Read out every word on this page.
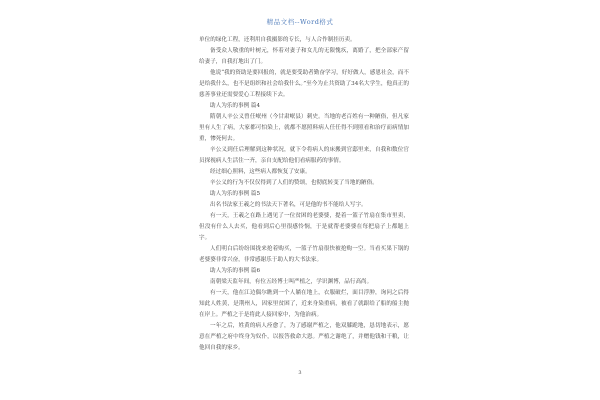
精品文档--Word格式

单位的绿化工程，还利用自我摄影的专长，与人合作制挂历卖。

备受众人敬重的叶树元，怀着对妻子和女儿的无限愧疚，离婚了，把全部家产留给妻子，自我打地出了门。

他说“我的资助是要回报的，就是要受助者勤奋学习，好好做人，感恩社会，而不是给我什么，也不是组织和社会给我什么。”至今为止共资助了34名大学生，他真正的慈善事业还需要爱心工程接续下去。

助人为乐的事例 篇4

隋朝人辛公义曾任岷州（今甘肃岷县）刺史。当地的老百姓有一种陋俗，但凡家里有人生了病，大家都可怕染上，就都不愿照料病人任任得不到照看和治疗而病情加重，惨死何去。

辛公义到任后理解到这种状况，就下令将病人的床搬到官邸里来，自我和数位官员探视病人生活住一齐，亲自支配给他们看病服药的事情。

经过细心照料，这些病人都恢复了安康。

辛公义的行为不仅仅得到了人们的赞颂，也彻底转变了当地的陋俗。

助人为乐的事例 篇5

出名书法家王羲之的书法天下著名，可是他的书不能给人写字。

有一天，王羲之在路上遇见了一位贫困的老婆婆，提着一篮子竹扇在集市里卖，但没有什么人去买，他看到后心里很感怜悯，于是就帮老婆婆在每把扇子上都题上字。

人们明白后纷纷围拢来抢着购买，一篮子竹扇很快被抢购一空。当看买果下锅的老婆婆非常兴奋，非常感谢乐于助人的大书法家。

助人为乐的事例 篇6

南朝梁天监年间，有位五经博士叫严植之，学识渊博，品行高尚。

有一天，他在江边偶尔瞧到一个人躺在地上，衣服破烂，面目浮肿，询问之后得知此人姓黄，是荆州人，因家里贫困了，近来身染重病，被看了就跟给了船的船主抛在岸上。严植之于是将此人接回家中，为他治病。

一年之后，姓黄的病人痊愈了，为了感谢严植之，他双膝跪地，恳切地表示，愿意在严植之府中终身为奴仆，以报答救命大恩。严植之谢绝了，并赠他钱和干粮，让他回自我的家乡。

3
